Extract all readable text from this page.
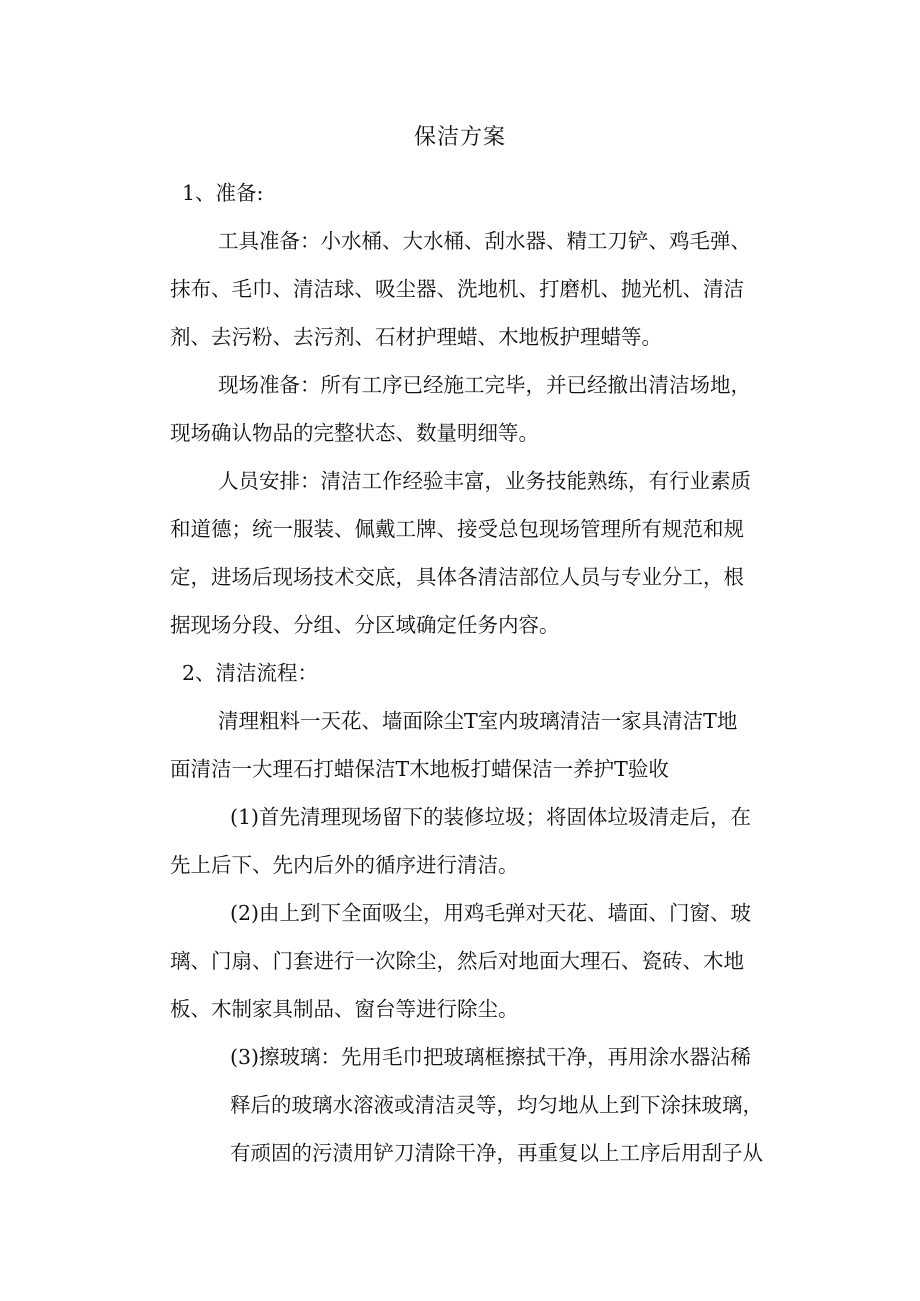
保洁方案
1、准备:
工具准备：小水桶、大水桶、刮水器、精工刀铲、鸡毛弹、
抹布、毛巾、清洁球、吸尘器、洗地机、打磨机、抛光机、清洁
剂、去污粉、去污剂、石材护理蜡、木地板护理蜡等。
现场准备：所有工序已经施工完毕，并已经撤出清洁场地，
现场确认物品的完整状态、数量明细等。
人员安排：清洁工作经验丰富，业务技能熟练，有行业素质
和道德；统一服装、佩戴工牌、接受总包现场管理所有规范和规
定，进场后现场技术交底，具体各清洁部位人员与专业分工，根
据现场分段、分组、分区域确定任务内容。
2、清洁流程：
清理粗料一天花、墙面除尘T室内玻璃清洁一家具清洁T地
面清洁一大理石打蜡保洁T木地板打蜡保洁一养护T验收
(1)首先清理现场留下的装修垃圾；将固体垃圾清走后，在
先上后下、先内后外的循序进行清洁。
(2)由上到下全面吸尘，用鸡毛弹对天花、墙面、门窗、玻
璃、门扇、门套进行一次除尘，然后对地面大理石、瓷砖、木地
板、木制家具制品、窗台等进行除尘。
(3)擦玻璃：先用毛巾把玻璃框擦拭干净，再用涂水器沾稀
释后的玻璃水溶液或清洁灵等，均匀地从上到下涂抹玻璃，
有顽固的污渍用铲刀清除干净，再重复以上工序后用刮子从
